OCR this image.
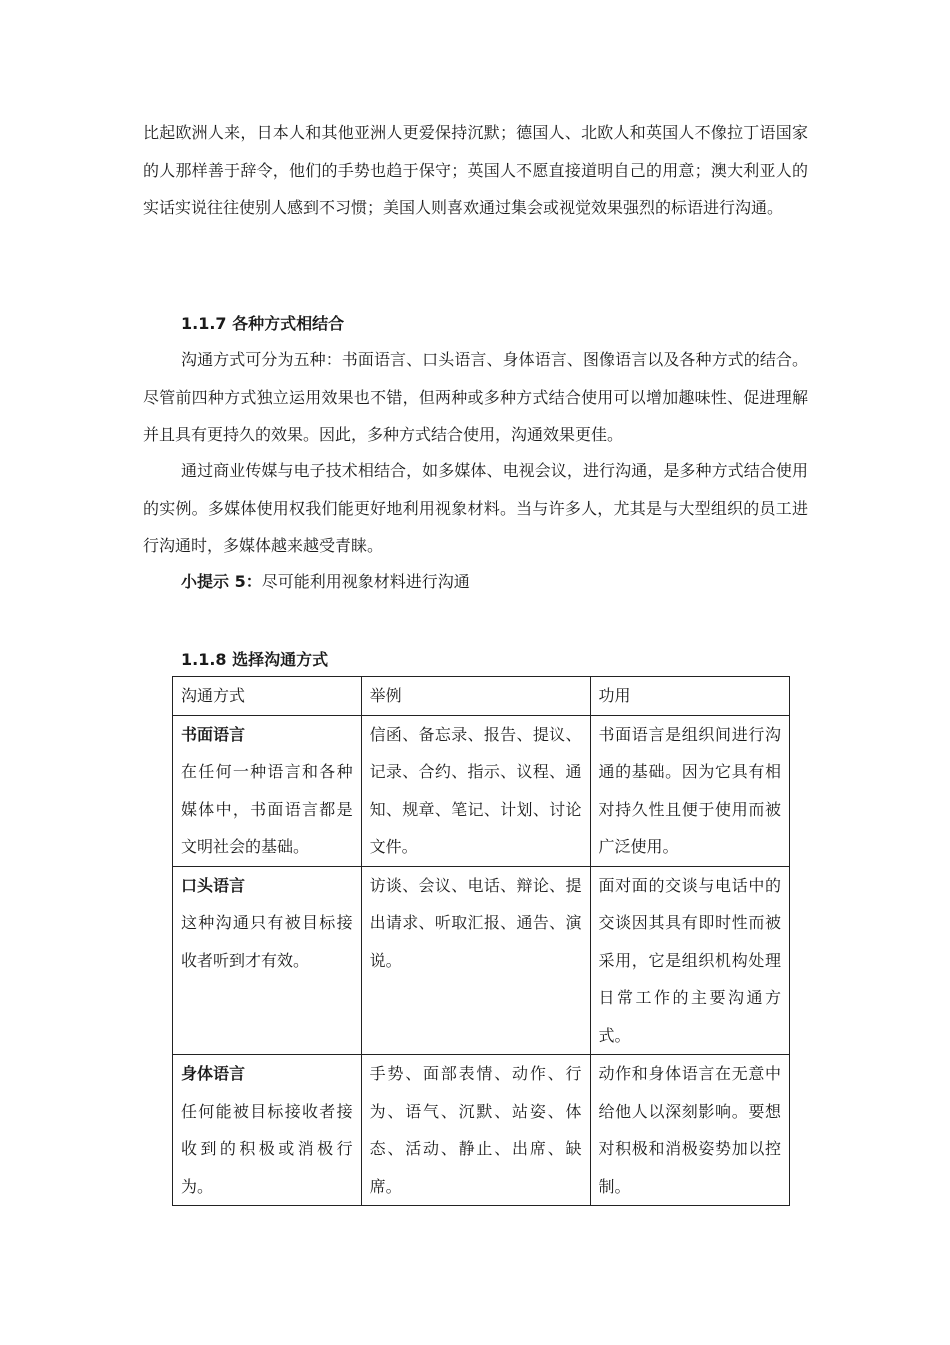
比起欧洲人来，日本人和其他亚洲人更爱保持沉默；德国人、北欧人和英国人不像拉丁语国家的人那样善于辞令，他们的手势也趋于保守；英国人不愿直接道明自己的用意；澳大利亚人的实话实说往往使别人感到不习惯；美国人则喜欢通过集会或视觉效果强烈的标语进行沟通。

1.1.7 各种方式相结合

沟通方式可分为五种：书面语言、口头语言、身体语言、图像语言以及各种方式的结合。尽管前四种方式独立运用效果也不错，但两种或多种方式结合使用可以增加趣味性、促进理解并且具有更持久的效果。因此，多种方式结合使用，沟通效果更佳。

通过商业传媒与电子技术相结合，如多媒体、电视会议，进行沟通，是多种方式结合使用的实例。多媒体使用权我们能更好地利用视象材料。当与许多人，尤其是与大型组织的员工进行沟通时，多媒体越来越受青睐。

小提示 5：尽可能利用视象材料进行沟通
1.1.8 选择沟通方式
沟通方式	举例	功用

书面语言
在任何一种语言和各种媒体中，书面语言都是文明社会的基础。	信函、备忘录、报告、提议、记录、合约、指示、议程、通知、规章、笔记、计划、讨论文件。	书面语言是组织间进行沟通的基础。因为它具有相对持久性且便于使用而被广泛使用。

口头语言
这种沟通只有被目标接收者听到才有效。	访谈、会议、电话、辩论、提出请求、听取汇报、通告、演说。	面对面的交谈与电话中的交谈因其具有即时性而被采用，它是组织机构处理日常工作的主要沟通方式。

身体语言
任何能被目标接收者接收到的积极或消极行为。	手势、面部表情、动作、行为、语气、沉默、站姿、体态、活动、静止、出席、缺席。	动作和身体语言在无意中给他人以深刻影响。要想对积极和消极姿势加以控制。
